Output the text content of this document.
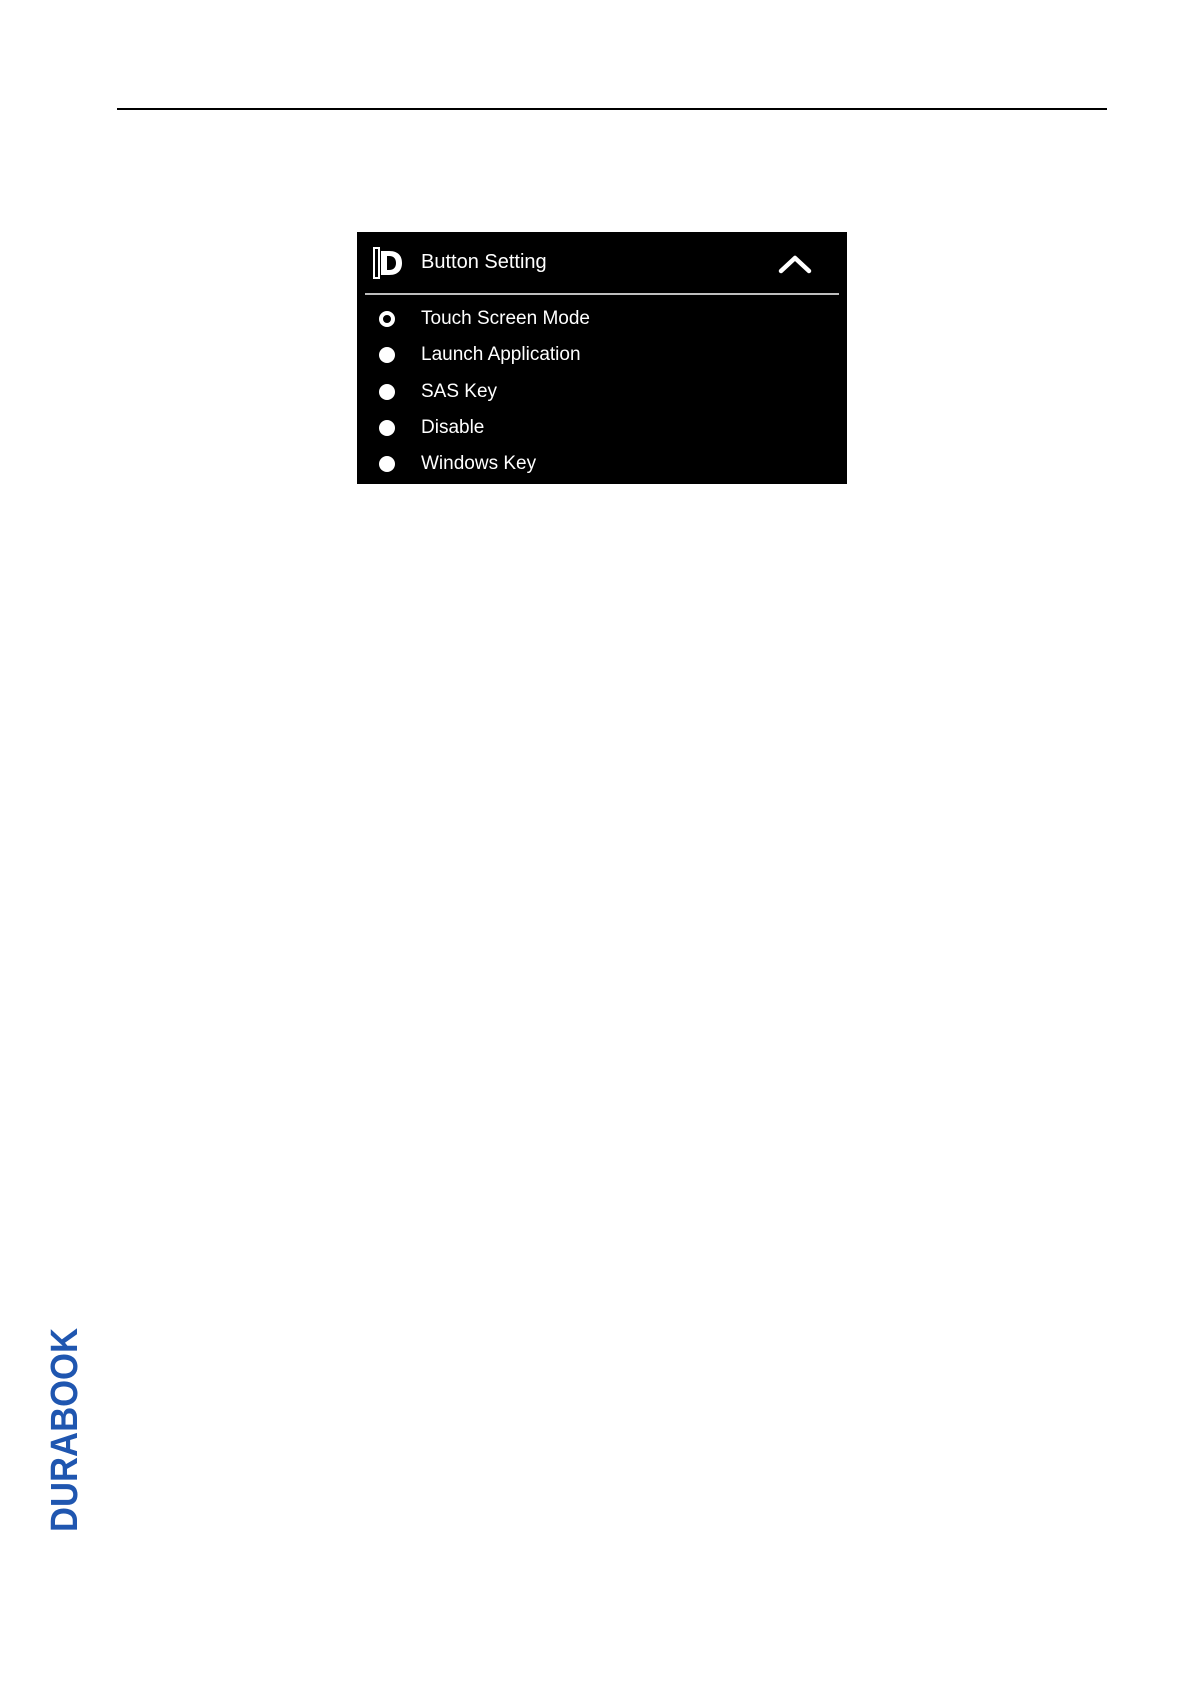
Button Setting
Touch Screen Mode
Launch Application
SAS Key
Disable
Windows Key
DURABOOK
